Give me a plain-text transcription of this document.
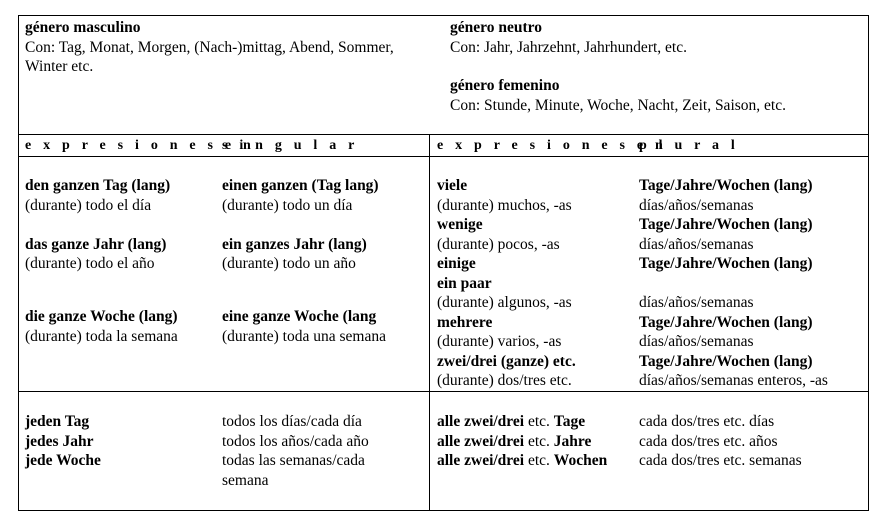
género masculino
Con: Tag, Monat, Morgen, (Nach-)mittag, Abend, Sommer, Winter etc.
género neutro
Con: Jahr, Jahrzehnt, Jahrhundert, etc.
género femenino
Con: Stunde, Minute, Woche, Nacht, Zeit, Saison, etc.
e x p r e s i o n e s e n
s i n g u l a r	e x p r e s i o n e s e n
p l u r a l
den ganzen Tag (lang)
(durante) todo el día
das ganze Jahr (lang)
(durante) todo el año
die ganze Woche (lang)
(durante) toda la semana
einen ganzen (Tag lang)
(durante) todo un día
ein ganzes Jahr (lang)
(durante) todo un año
eine ganze Woche (lang
(durante) toda una semana
viele
(durante) muchos, -as
wenige
(durante) pocos, -as
einige
ein paar
(durante) algunos, -as
mehrere
(durante) varios, -as
zwei/drei (ganze) etc.
(durante) dos/tres etc.
Tage/Jahre/Wochen (lang)
días/años/semanas
Tage/Jahre/Wochen (lang)
días/años/semanas
Tage/Jahre/Wochen (lang)
días/años/semanas
Tage/Jahre/Wochen (lang)
días/años/semanas
Tage/Jahre/Wochen (lang)
días/años/semanas enteros, -as
jeden Tag
jedes Jahr
jede Woche
todos los días/cada día
todos los años/cada año
todas las semanas/cada semana
alle zwei/drei etc. Tage
alle zwei/drei etc. Jahre
alle zwei/drei etc. Wochen
cada dos/tres etc. días
cada dos/tres etc. años
cada dos/tres etc. semanas
